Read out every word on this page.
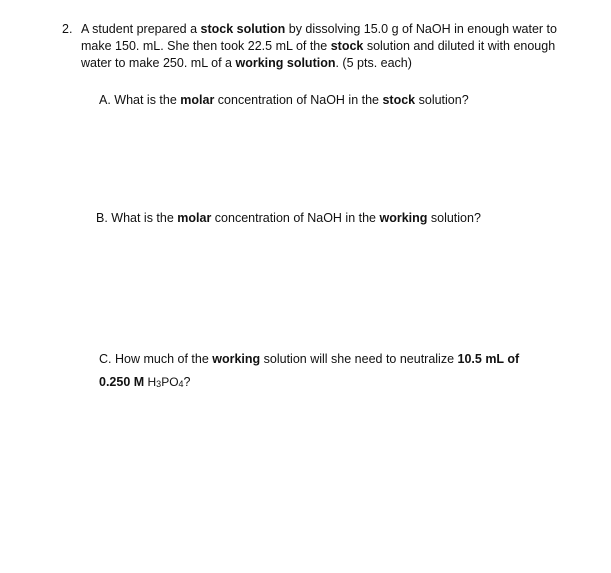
2. A student prepared a stock solution by dissolving 15.0 g of NaOH in enough water to make 150. mL. She then took 22.5 mL of the stock solution and diluted it with enough water to make 250. mL of a working solution. (5 pts. each)
A. What is the molar concentration of NaOH in the stock solution?
B. What is the molar concentration of NaOH in the working solution?
C. How much of the working solution will she need to neutralize 10.5 mL of
0.250 M $H_3PO_4$?
